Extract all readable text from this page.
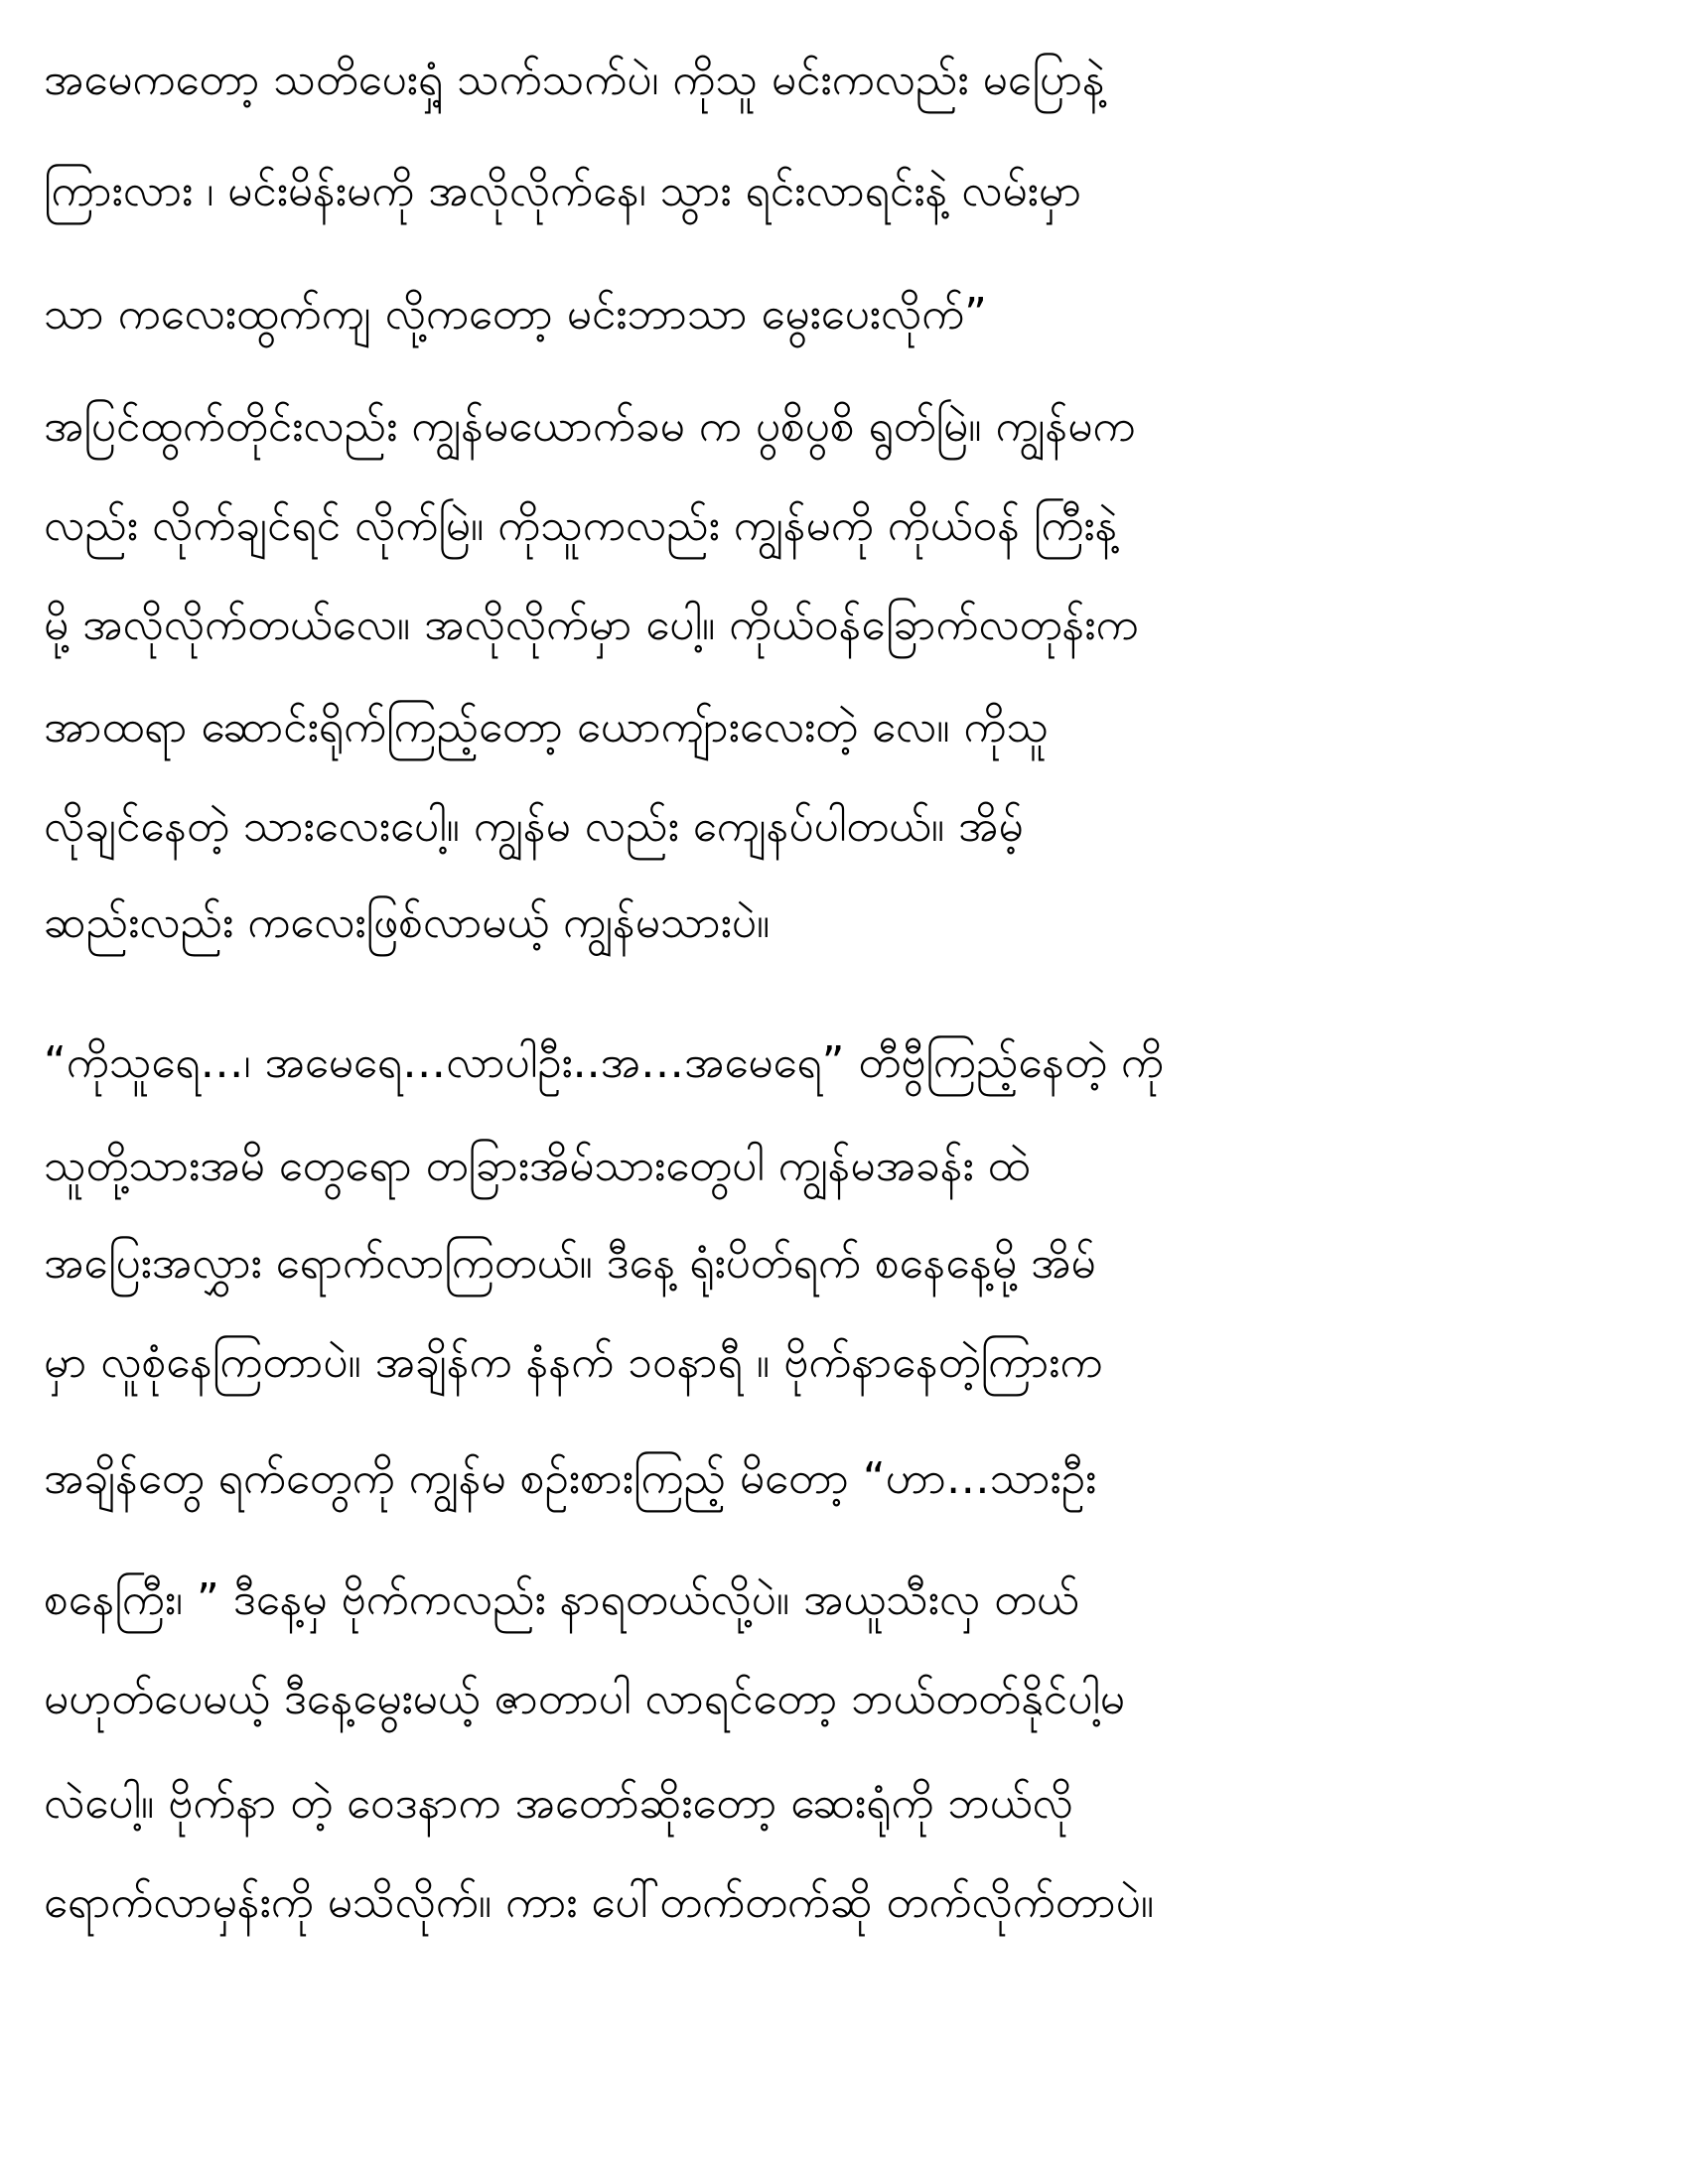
အမေကတော့ သတိပေးရှံ့ သက်သက်ပဲ၊ ကိုသူ မင်းကလည်း မပြောနဲ့
ကြားလား ၊ မင်းမိန်းမကို အလိုလိုက်နေ၊ သွား ရင်းလာရင်းနဲ့ လမ်းမှာ
သာ ကလေးထွက်ကျ လို့ကတော့ မင်းဘာသာ မွေးပေးလိုက်”
အပြင်ထွက်တိုင်းလည်း ကျွန်မယောက်ခမ က ပွစိပွစိ ရွတ်မြဲ။ ကျွန်မက
လည်း လိုက်ချင်ရင် လိုက်မြဲ။ ကိုသူကလည်း ကျွန်မကို ကိုယ်ဝန် ကြီးနဲ့
မို့ အလိုလိုက်တယ်လေ။ အလိုလိုက်မှာ ပေါ့။ ကိုယ်ဝန်ခြောက်လတုန်းက
အာထရာ ဆောင်းရိုက်ကြည့်တော့ ယောကျ်ားလေးတဲ့ လေ။ ကိုသူ
လိုချင်နေတဲ့ သားလေးပေါ့။ ကျွန်မ လည်း ကျေနပ်ပါတယ်။ အိမ့်
ဆည်းလည်း ကလေးဖြစ်လာမယ့် ကျွန်မသားပဲ။
“ကိုသူရေ…၊ အမေရေ…လာပါဦး..အ…အမေရေ” တီဗွီကြည့်နေတဲ့ ကို
သူတို့သားအမိ တွေရော တခြားအိမ်သားတွေပါ ကျွန်မအခန်း ထဲ
အပြေးအလွှား ရောက်လာကြတယ်။ ဒီနေ့ ရုံးပိတ်ရက် စနေနေ့မို့ အိမ်
မှာ လူစုံနေကြတာပဲ။ အချိန်က နံနက် ၁၀နာရီ ။ ဗိုက်နာနေတဲ့ကြားက
အချိန်တွေ ရက်တွေကို ကျွန်မ စဉ်းစားကြည့် မိတော့ “ဟာ…သားဦး
စနေကြီး၊ ” ဒီနေ့မှ ဗိုက်ကလည်း နာရတယ်လို့ပဲ။ အယူသီးလှ တယ်
မဟုတ်ပေမယ့် ဒီနေ့မွေးမယ့် ဇာတာပါ လာရင်တော့ ဘယ်တတ်နိုင်ပါ့မ
လဲပေါ့။ ဗိုက်နာ တဲ့ ဝေဒနာက အတော်ဆိုးတော့ ဆေးရုံကို ဘယ်လို
ရောက်လာမှန်းကို မသိလိုက်။ ကား ပေါ်တက်တက်ဆို တက်လိုက်တာပဲ။
